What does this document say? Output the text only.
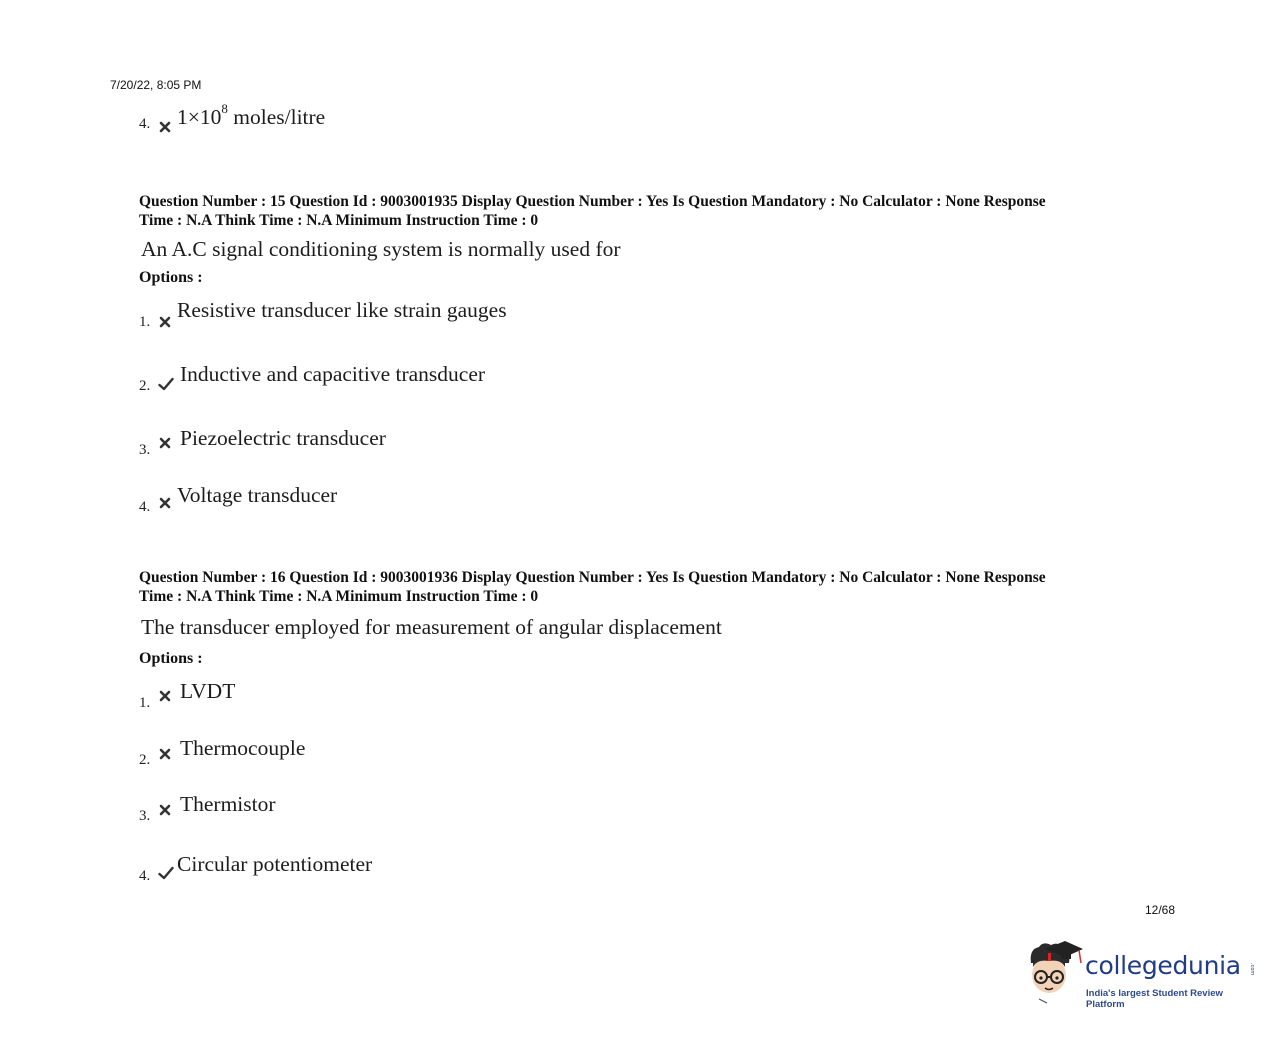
7/20/22, 8:05 PM
4. $1\times 10^8$ moles/litre
Question Number : 15 Question Id : 9003001935 Display Question Number : Yes Is Question Mandatory : No Calculator : None Response
Time : N.A Think Time : N.A Minimum Instruction Time : 0
An A.C signal conditioning system is normally used for
Options :
1. Resistive transducer like strain gauges
2. Inductive and capacitive transducer
3. Piezoelectric transducer
4. Voltage transducer
Question Number : 16 Question Id : 9003001936 Display Question Number : Yes Is Question Mandatory : No Calculator : None Response
Time : N.A Think Time : N.A Minimum Instruction Time : 0
The transducer employed for measurement of angular displacement
Options :
1. LVDT
2. Thermocouple
3. Thermistor
4. Circular potentiometer
12/68
collegedunia .com
India's largest Student Review Platform
